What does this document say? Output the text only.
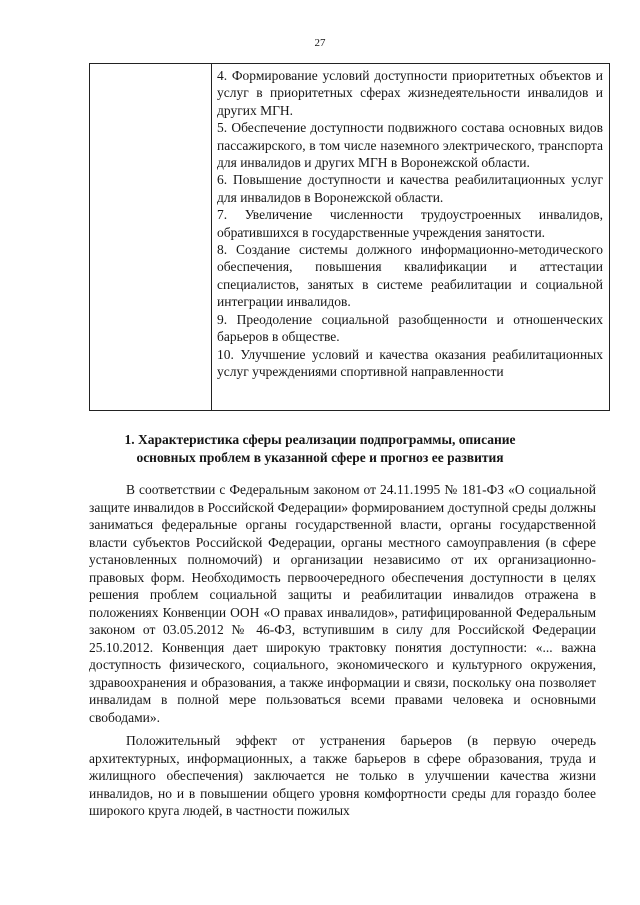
27

4. Формирование условий доступности приоритетных объектов и услуг в приоритетных сферах жизнедеятельности инвалидов и других МГН.

5. Обеспечение доступности подвижного состава основных видов пассажирского, в том числе наземного электрического, транспорта для инвалидов и других МГН в Воронежской области.

6. Повышение доступности и качества реабилитационных услуг для инвалидов в Воронежской области.

7. Увеличение численности трудоустроенных инвалидов, обратившихся в государственные учреждения занятости.

8. Создание системы должного информационно-методического обеспечения, повышения квалификации и аттестации специалистов, занятых в системе реабилитации и социальной интеграции инвалидов.

9. Преодоление социальной разобщенности и отношенческих барьеров в обществе.

10. Улучшение условий и качества оказания реабилитационных услуг учреждениями спортивной направленности

1. Характеристика сферы реализации подпрограммы, описание
основных проблем в указанной сфере и прогноз ее развития

В соответствии с Федеральным законом от 24.11.1995 № 181-ФЗ «О социальной защите инвалидов в Российской Федерации» формированием доступной среды должны заниматься федеральные органы государственной власти, органы государственной власти субъектов Российской Федерации, органы местного самоуправления (в сфере установленных полномочий) и организации независимо от их организационно-правовых форм. Необходимость первоочередного обеспечения доступности в целях решения проблем социальной защиты и реабилитации инвалидов отражена в положениях Конвенции ООН «О правах инвалидов», ратифицированной Федеральным законом от 03.05.2012 № 46-ФЗ, вступившим в силу для Российской Федерации 25.10.2012. Конвенция дает широкую трактовку понятия доступности: «... важна доступность физического, социального, экономического и культурного окружения, здравоохранения и образования, а также информации и связи, поскольку она позволяет инвалидам в полной мере пользоваться всеми правами человека и основными свободами».

Положительный эффект от устранения барьеров (в первую очередь архитектурных, информационных, а также барьеров в сфере образования, труда и жилищного обеспечения) заключается не только в улучшении качества жизни инвалидов, но и в повышении общего уровня комфортности среды для гораздо более широкого круга людей, в частности пожилых
